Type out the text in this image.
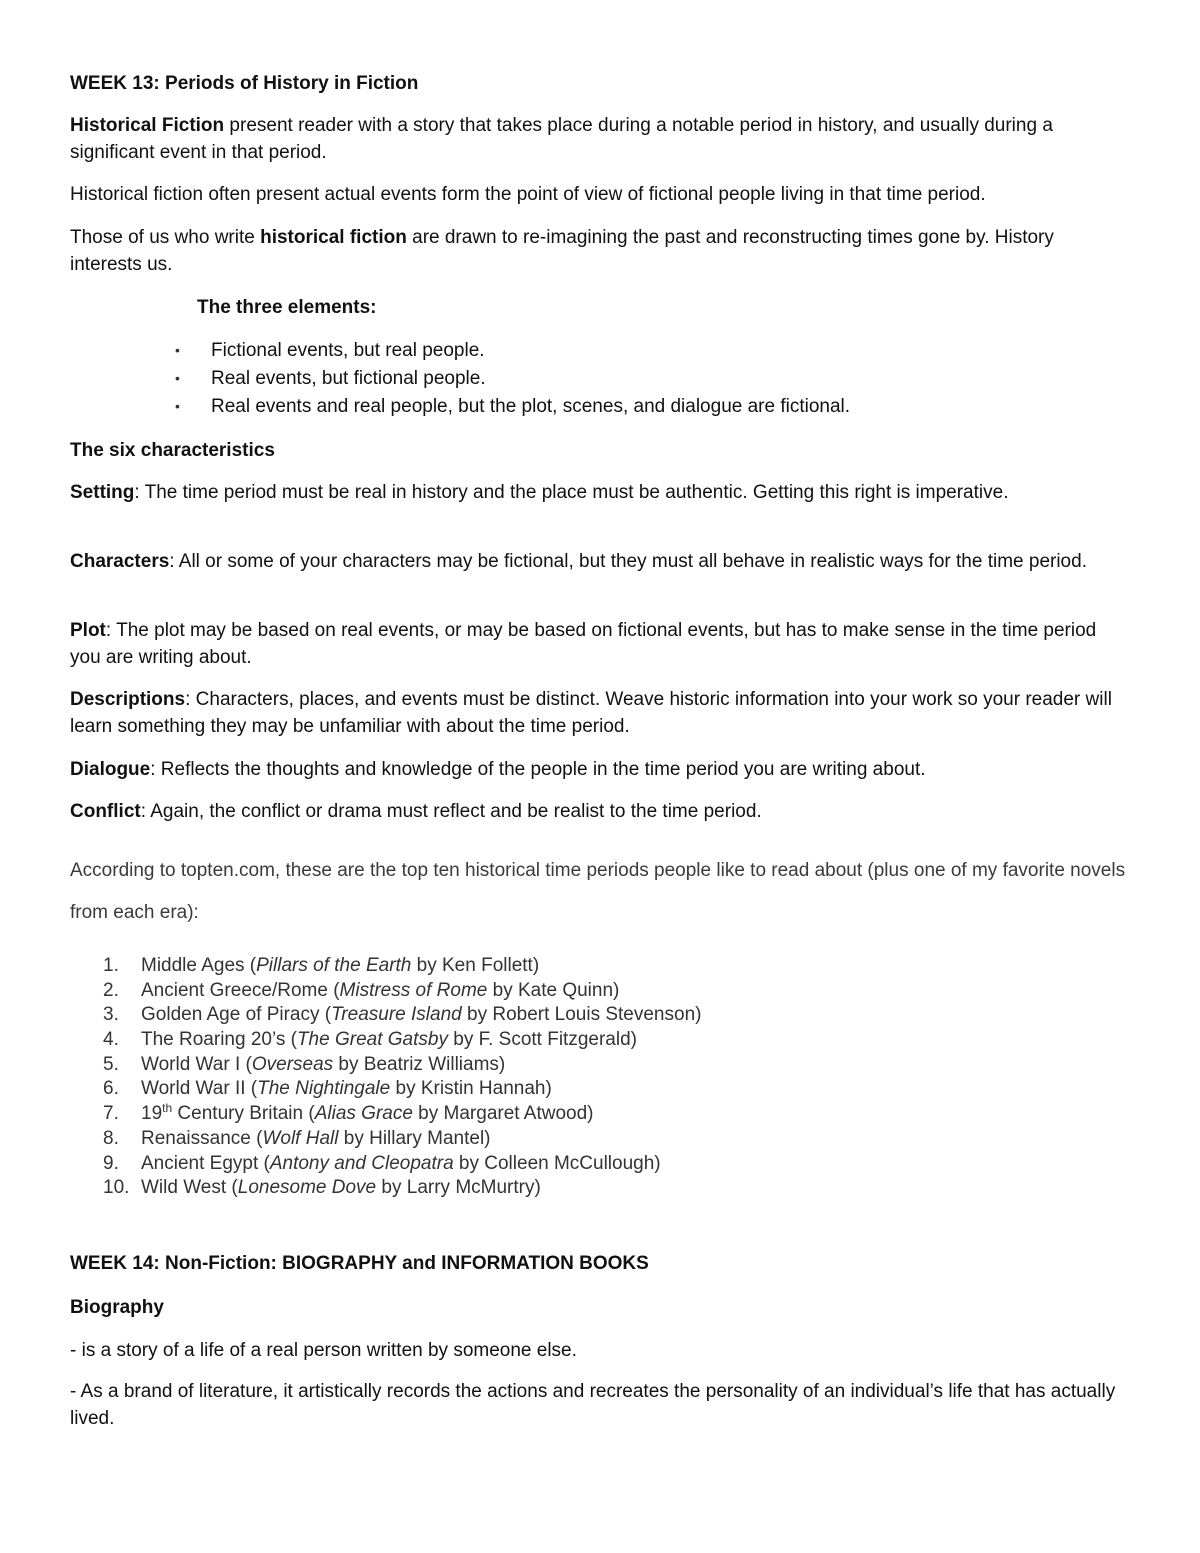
WEEK 13: Periods of History in Fiction

Historical Fiction present reader with a story that takes place during a notable period in history, and usually during a significant event in that period.

Historical fiction often present actual events form the point of view of fictional people living in that time period.

Those of us who write historical fiction are drawn to re-imagining the past and reconstructing times gone by. History interests us.

The three elements:
• Fictional events, but real people.
• Real events, but fictional people.
• Real events and real people, but the plot, scenes, and dialogue are fictional.
The six characteristics

Setting: The time period must be real in history and the place must be authentic. Getting this right is imperative.

Characters: All or some of your characters may be fictional, but they must all behave in realistic ways for the time period.

Plot: The plot may be based on real events, or may be based on fictional events, but has to make sense in the time period you are writing about.

Descriptions: Characters, places, and events must be distinct. Weave historic information into your work so your reader will learn something they may be unfamiliar with about the time period.

Dialogue: Reflects the thoughts and knowledge of the people in the time period you are writing about.

Conflict: Again, the conflict or drama must reflect and be realist to the time period.

According to topten.com, these are the top ten historical time periods people like to read about (plus one of my favorite novels from each era):

1.	Middle Ages (Pillars of the Earth by Ken Follett)
2.	Ancient Greece/Rome (Mistress of Rome by Kate Quinn)
3.	Golden Age of Piracy (Treasure Island by Robert Louis Stevenson)
4.	The Roaring 20’s (The Great Gatsby by F. Scott Fitzgerald)
5.	World War I (Overseas by Beatriz Williams)
6.	World War II (The Nightingale by Kristin Hannah)
7.	19th Century Britain (Alias Grace by Margaret Atwood)
8.	Renaissance (Wolf Hall by Hillary Mantel)
9.	Ancient Egypt (Antony and Cleopatra by Colleen McCullough)
10. Wild West (Lonesome Dove by Larry McMurtry)
WEEK 14: Non-Fiction: BIOGRAPHY and INFORMATION BOOKS
Biography

- is a story of a life of a real person written by someone else.

- As a brand of literature, it artistically records the actions and recreates the personality of an individual’s life that has actually lived.
